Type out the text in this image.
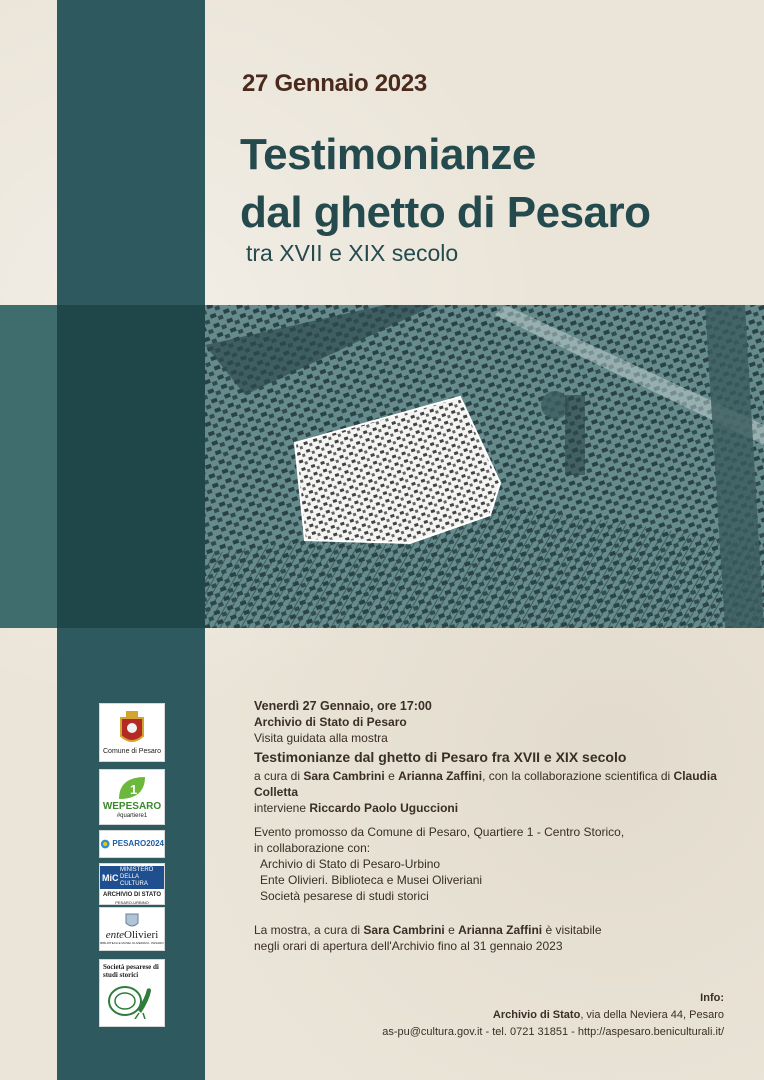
27 Gennaio 2023
Testimonianze
dal ghetto di Pesaro
tra XVII e XIX secolo
Comune di Pesaro
1
WEPESARO
#quartiere1
PESARO2024
MiC
MINISTERO
DELLA
CULTURA
ARCHIVIO DI STATO
PESARO-URBINO
enteOlivieri
BIBLIOTECA E MUSEI OLIVERIANI - PESARO
Società pesarese di studi storici

Venerdì 27 Gennaio, ore 17:00

Archivio di Stato di Pesaro

Visita guidata alla mostra

Testimonianze dal ghetto di Pesaro fra XVII e XIX secolo

a cura di Sara Cambrini e Arianna Zaffini, con la collaborazione scientifica di Claudia Colletta

interviene Riccardo Paolo Uguccioni

Evento promosso da Comune di Pesaro, Quartiere 1 - Centro Storico,

in collaborazione con:

Archivio di Stato di Pesaro-Urbino

Ente Olivieri. Biblioteca e Musei Oliveriani

Società pesarese di studi storici

La mostra, a cura di Sara Cambrini e Arianna Zaffini è visitabile

negli orari di apertura dell'Archivio fino al 31 gennaio 2023

Info:
Archivio di Stato, via della Neviera 44, Pesaro
as-pu@cultura.gov.it - tel. 0721 31851 - http://aspesaro.beniculturali.it/
